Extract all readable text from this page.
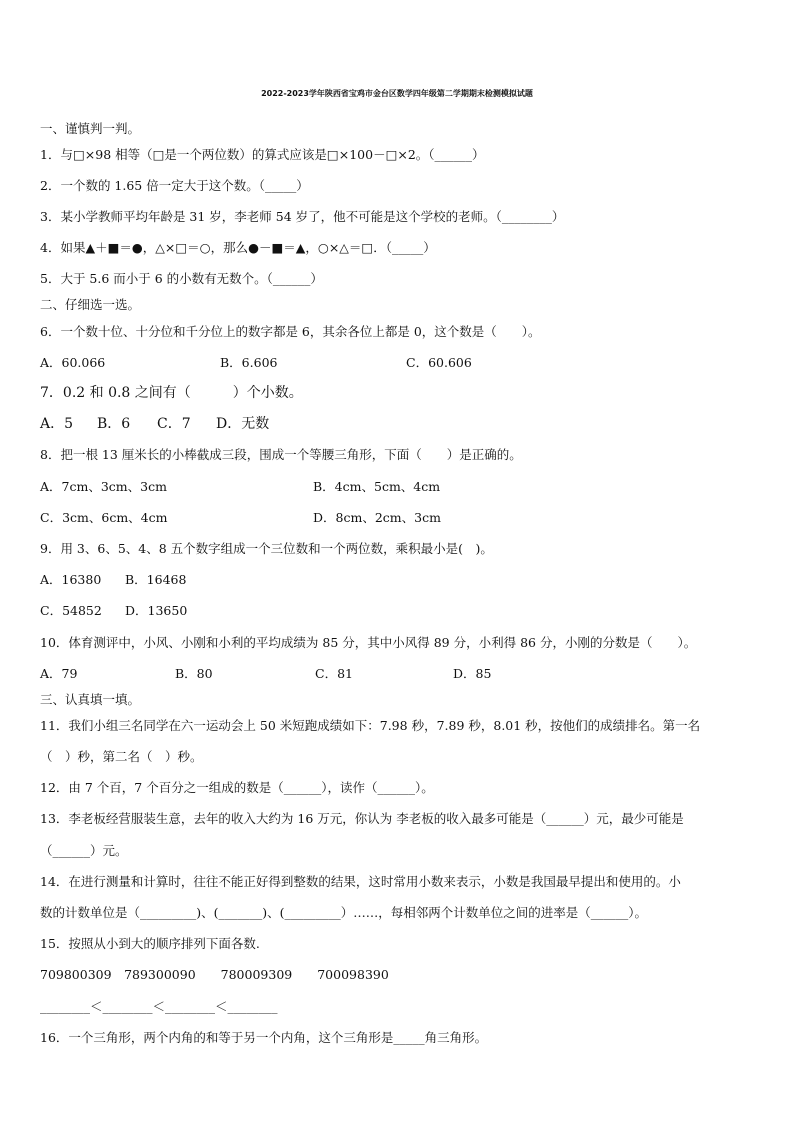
2022-2023学年陕西省宝鸡市金台区数学四年级第二学期期末检测模拟试题
一、谨慎判一判。
1．与□×98 相等（□是一个两位数）的算式应该是□×100－□×2。（______）
2．一个数的 1.65 倍一定大于这个数。（_____）
3．某小学教师平均年龄是 31 岁，李老师 54 岁了，他不可能是这个学校的老师。（________）
4．如果▲＋■＝●，△×□＝○，那么●－■＝▲，○×△＝□．（_____）
5．大于 5.6 而小于 6 的小数有无数个。（______）
二、仔细选一选。
6．一个数十位、十分位和千分位上的数字都是 6，其余各位上都是 0，这个数是（　　）。
A．60.066	B．6.606	C．60.606
7．0.2 和 0.8 之间有（　　　）个小数。
A．5 B．6 C．7 D．无数
8．把一根 13 厘米长的小棒截成三段，围成一个等腰三角形，下面（　　）是正确的。
A．7cm、3cm、3cm	B．4cm、5cm、4cm
C．3cm、6cm、4cm	D．8cm、2cm、3cm
9．用 3、6、5、4、8 五个数字组成一个三位数和一个两位数，乘积最小是(　)。
A．16380 B．16468
C．54852 D．13650
10．体育测评中，小风、小刚和小利的平均成绩为 85 分，其中小风得 89 分，小利得 86 分，小刚的分数是（　　）。
A．79	B．80	C．81	D．85
三、认真填一填。
11．我们小组三名同学在六一运动会上 50 米短跑成绩如下：7.98 秒，7.89 秒，8.01 秒，按他们的成绩排名。第一名
（　）秒，第二名（　）秒。
12．由 7 个百，7 个百分之一组成的数是（______），读作（______）。
13．李老板经营服装生意，去年的收入大约为 16 万元，你认为 李老板的收入最多可能是（______）元，最少可能是
（______）元。
14．在进行测量和计算时，往往不能正好得到整数的结果，这时常用小数来表示，小数是我国最早提出和使用的。小
数的计数单位是（_________)、(_______)、(_________）……，每相邻两个计数单位之间的进率是（______）。
15．按照从小到大的顺序排列下面各数.
709800309　789300090　　780009309　　700098390
________＜________＜________＜________
16．一个三角形，两个内角的和等于另一个内角，这个三角形是_____角三角形。
